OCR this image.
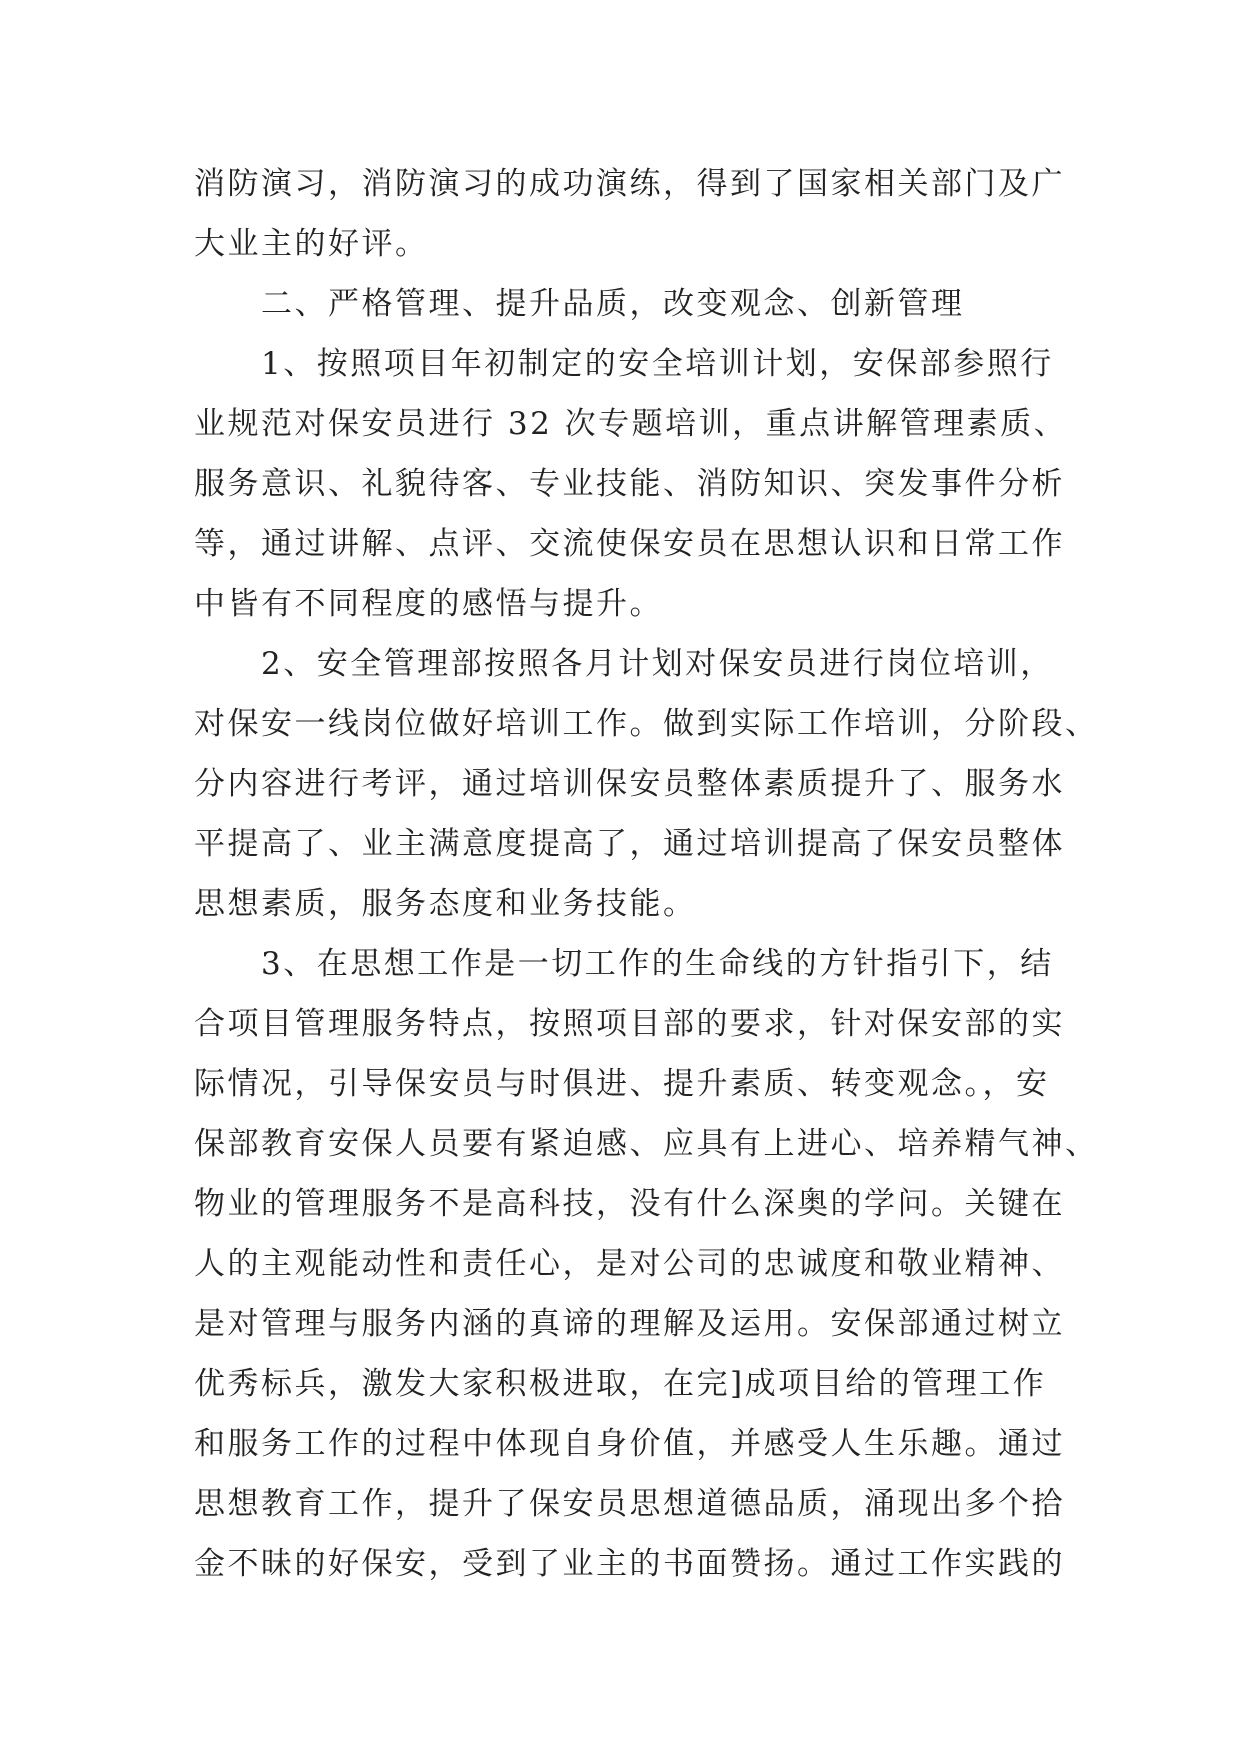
消防演习，消防演习的成功演练，得到了国家相关部门及广
大业主的好评。
　　二、严格管理、提升品质，改变观念、创新管理
　　1、按照项目年初制定的安全培训计划，安保部参照行
业规范对保安员进行 32 次专题培训，重点讲解管理素质、
服务意识、礼貌待客、专业技能、消防知识、突发事件分析
等，通过讲解、点评、交流使保安员在思想认识和日常工作
中皆有不同程度的感悟与提升。
　　2、安全管理部按照各月计划对保安员进行岗位培训，
对保安一线岗位做好培训工作。做到实际工作培训，分阶段、
分内容进行考评，通过培训保安员整体素质提升了、服务水
平提高了、业主满意度提高了，通过培训提高了保安员整体
思想素质，服务态度和业务技能。
　　3、在思想工作是一切工作的生命线的方针指引下，结
合项目管理服务特点，按照项目部的要求，针对保安部的实
际情况，引导保安员与时俱进、提升素质、转变观念。，安
保部教育安保人员要有紧迫感、应具有上进心、培养精气神、
物业的管理服务不是高科技，没有什么深奥的学问。关键在
人的主观能动性和责任心，是对公司的忠诚度和敬业精神、
是对管理与服务内涵的真谛的理解及运用。安保部通过树立
优秀标兵，激发大家积极进取，在完]成项目给的管理工作
和服务工作的过程中体现自身价值，并感受人生乐趣。通过
思想教育工作，提升了保安员思想道德品质，涌现出多个拾
金不昧的好保安，受到了业主的书面赞扬。通过工作实践的
